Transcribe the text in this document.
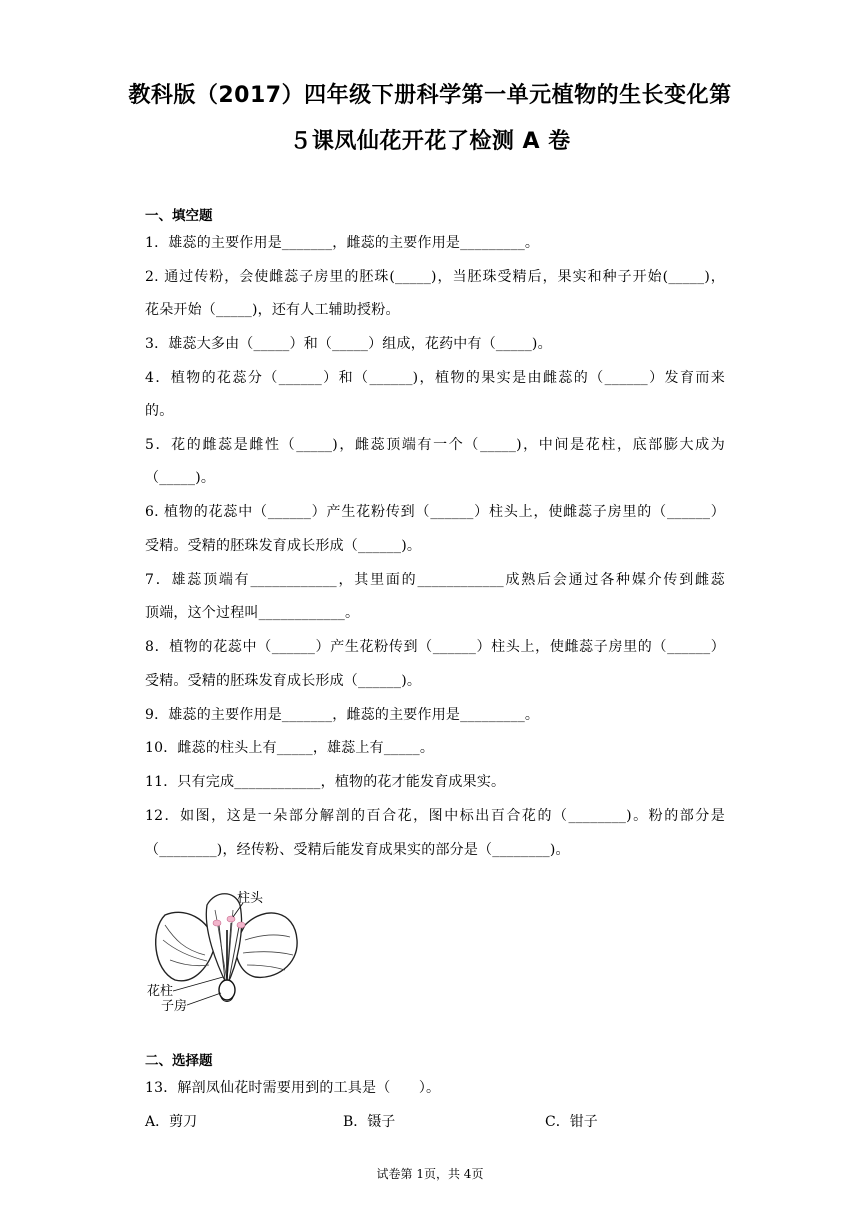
教科版（2017）四年级下册科学第一单元植物的生长变化第
５课凤仙花开花了检测 A 卷
一、填空题
1．雄蕊的主要作用是_______，雌蕊的主要作用是_________。
2. 通过传粉，会使雌蕊子房里的胚珠(_____)，当胚珠受精后，果实和种子开始(_____)，
花朵开始（_____)，还有人工辅助授粉。
3．雄蕊大多由（_____）和（_____）组成，花药中有（_____)。
4．植物的花蕊分（______）和（______)，植物的果实是由雌蕊的（______）发育而来
的。
5．花的雌蕊是雌性（_____)，雌蕊顶端有一个（_____)，中间是花柱，底部膨大成为
（_____)。
6. 植物的花蕊中（______）产生花粉传到（______）柱头上，使雌蕊子房里的（______）
受精。受精的胚珠发育成长形成（______)。
7．雄蕊顶端有____________，其里面的____________成熟后会通过各种媒介传到雌蕊
顶端，这个过程叫____________。
8．植物的花蕊中（______）产生花粉传到（______）柱头上，使雌蕊子房里的（______）
受精。受精的胚珠发育成长形成（______)。
9．雄蕊的主要作用是_______，雌蕊的主要作用是_________。
10．雌蕊的柱头上有_____，雄蕊上有_____。
11．只有完成____________，植物的花才能发育成果实。
12．如图，这是一朵部分解剖的百合花，图中标出百合花的（________)。粉的部分是
（________)，经传粉、受精后能发育成果实的部分是（________)。
柱头
花柱
子房
二、选择题
13．解剖凤仙花时需要用到的工具是（　　）。
A．剪刀	B．镊子	C．钳子
试卷第 1页，共 4页
